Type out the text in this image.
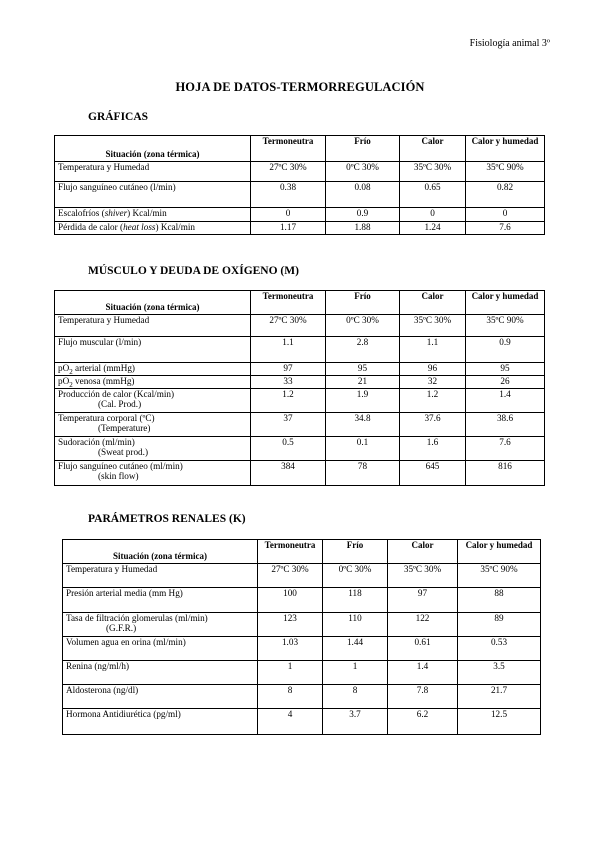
Fisiología animal 3º
HOJA DE DATOS-TERMORREGULACIÓN
GRÁFICAS
Situación (zona térmica)	Termoneutra	Frío	Calor	Calor y humedad
Temperatura y Humedad	27ºC 30%	0ºC 30%	35ºC 30%	35ºC 90%
Flujo sanguíneo cutáneo (l/min)	0.38	0.08	0.65	0.82
Escalofríos (shiver) Kcal/min	0	0.9	0	0
Pérdida de calor (heat loss) Kcal/min	1.17	1.88	1.24	7.6
MÚSCULO Y DEUDA DE OXÍGENO (M)
Situación (zona térmica)	Termoneutra	Frío	Calor	Calor y humedad
Temperatura y Humedad	27ºC 30%	0ºC 30%	35ºC 30%	35ºC 90%
Flujo muscular (l/min)	1.1	2.8	1.1	0.9
$pO_2$ arterial (mmHg)	97	95	96	95
$pO_2$ venosa (mmHg)	33	21	32	26
Producción de calor (Kcal/min)
(Cal. Prod.)	1.2	1.9	1.2	1.4
Temperatura corporal (ºC)
(Temperature)	37	34.8	37.6	38.6
Sudoración (ml/min)
(Sweat prod.)	0.5	0.1	1.6	7.6
Flujo sanguíneo cutáneo (ml/min)
(skin flow)	384	78	645	816
PARÁMETROS RENALES (K)
Situación (zona térmica)	Termoneutra	Frío	Calor	Calor y humedad
Temperatura y Humedad	27ºC 30%	0ºC 30%	35ºC 30%	35ºC 90%
Presión arterial media (mm Hg)	100	118	97	88
Tasa de filtración glomerulas (ml/min)
(G.F.R.)	123	110	122	89
Volumen agua en orina (ml/min)	1.03	1.44	0.61	0.53
Renina (ng/ml/h)	1	1	1.4	3.5
Aldosterona (ng/dl)	8	8	7.8	21.7
Hormona Antidiurética (pg/ml)	4	3.7	6.2	12.5
